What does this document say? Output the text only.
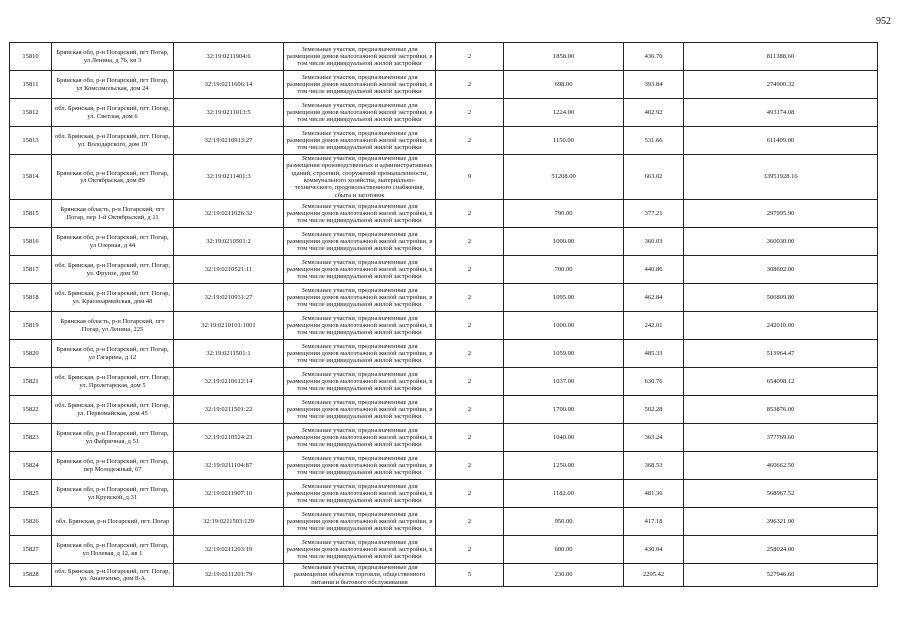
952
15810	Брянская обл, р-н Погарский, пгт Погар, ул Ленина, д 76, кв 3	32:19:0211904:6	Земельные участки, предназначенные для размещения домов малоэтажной жилой застройки, в том числе индивидуальной жилой застройки	2	1858.00	436.70	811388.60
15811	Брянская обл, р-н Погарский, пгт Погар, ул Комсомольская, дом 24	32:19:0211606:14	Земельные участки, предназначенные для размещения домов малоэтажной жилой застройки, в том числе индивидуальной жилой застройки	2	698.00	393.84	274900.32
15812	обл. Брянская, р-н Погарский, пгт. Погар, ул. Светлая, дом 6	32:19:0211013:5	Земельные участки, предназначенные для размещения домов малоэтажной жилой застройки, в том числе индивидуальной жилой застройки	2	1224.00	402.92	493174.08
15813	обл. Брянская, р-н Погарский, пгт. Погар, ул. Володарского, дом 19	32:19:0210913:27	Земельные участки, предназначенные для размещения домов малоэтажной жилой застройки, в том числе индивидуальной жилой застройки	2	1150.00	531.66	611409.00
15814	Брянская обл, р-н Погарский, пгт Погар, ул Октябрьская, дом 89	32:19:0211401:3	Земельные участки, предназначенные для размещения производственных и административных зданий, строений, сооружений промышленности, коммунального хозяйства, материально-технического, продовольственного снабжения, сбыта и заготовок	9	51208.00	663.02	33951928.16
15815	Брянская область, р-н Погарский, пгт Погар, пер 1-й Октябрьский, д 11	32:19:0211026:32	Земельные участки, предназначенные для размещения домов малоэтажной жилой застройки, в том числе индивидуальной жилой застройки	2	790.00	377.21	297995.90
15816	Брянская обл, р-н Погарский, пгт Погар, ул Озерная, д 44	32:19:0210501:2	Земельные участки, предназначенные для размещения домов малоэтажной жилой застройки, в том числе индивидуальной жилой застройки	2	1000.00	360.03	360030.00
15817	обл. Брянская, р-н Погарский, пгт. Погар, ул. Фрунзе, дом 50	32:19:0210521:11	Земельные участки, предназначенные для размещения домов малоэтажной жилой застройки, в том числе индивидуальной жилой застройки	2	700.00	440.86	308602.00
15818	обл. Брянская, р-н Погарский, пгт. Погар, ул. Красноармейская, дом 48	32:19:0210931:27	Земельные участки, предназначенные для размещения домов малоэтажной жилой застройки, в том числе индивидуальной жилой застройки	2	1095.00	462.84	506809.80
15819	Брянская область, р-н Погарский, пгт Погар, ул Ленина, 225	32:19:0210101:1001	Земельные участки, предназначенные для размещения домов малоэтажной жилой застройки, в том числе индивидуальной жилой застройки	2	1000.00	242.01	242010.00
15820	Брянская обл, р-н Погарский, пгт Погар, ул Гагарина, д 12	32:19:0211501:1	Земельные участки, предназначенные для размещения домов малоэтажной жилой застройки, в том числе индивидуальной жилой застройки	2	1059.00	485.33	513964.47
15821	обл. Брянская, р-н Погарский, пгт. Погар, ул. Пролетарская, дом 5	32:19:0210612:14	Земельные участки, предназначенные для размещения домов малоэтажной жилой застройки, в том числе индивидуальной жилой застройки	2	1037.00	630.76	654098.12
15822	обл. Брянская, р-н Погарский, пгт. Погар, ул. Первомайская, дом 45	32:19:0211501:22	Земельные участки, предназначенные для размещения домов малоэтажной жилой застройки, в том числе индивидуальной жилой застройки	2	1700.00	502.28	853876.00
15823	Брянская обл, р-н Погарский, пгт Погар, ул Фабричная, д 51	32:19:0210524:23	Земельные участки, предназначенные для размещения домов малоэтажной жилой застройки, в том числе индивидуальной жилой застройки	2	1040.00	363.24	377769.60
15824	Брянская обл, р-н Погарский, пгт Погар, пер Молодежный, 67	32:19:0211104:87	Земельные участки, предназначенные для размещения домов малоэтажной жилой застройки, в том числе индивидуальной жилой застройки	2	1250.00	368.53	460662.50
15825	Брянская обл, р-н Погарский, пгт Погар, ул Крупской, д 31	32:19:0211907:10	Земельные участки, предназначенные для размещения домов малоэтажной жилой застройки, в том числе индивидуальной жилой застройки	2	1182.00	481.36	568967.52
15826	обл. Брянская, р-н Погарский, пгт. Погар	32:19:0211503:129	Земельные участки, предназначенные для размещения домов малоэтажной жилой застройки, в том числе индивидуальной жилой застройки	2	950.00	417.18	396321.00
15827	Брянская обл, р-н Погарский, пгт Погар, ул Полевая, д 12, кв 1	32:19:0211203:19	Земельные участки, предназначенные для размещения домов малоэтажной жилой застройки, в том числе индивидуальной жилой застройки	2	600.00	430.04	258024.00
15828	обл. Брянская, р-н Погарский, пгт. Погар, ул. Ананченко, дом 8-А	32:19:0211201:79	Земельные участки, предназначенные для размещения объектов торговли, общественного питания и бытового обслуживания	5	230.00	2295.42	527946.60
